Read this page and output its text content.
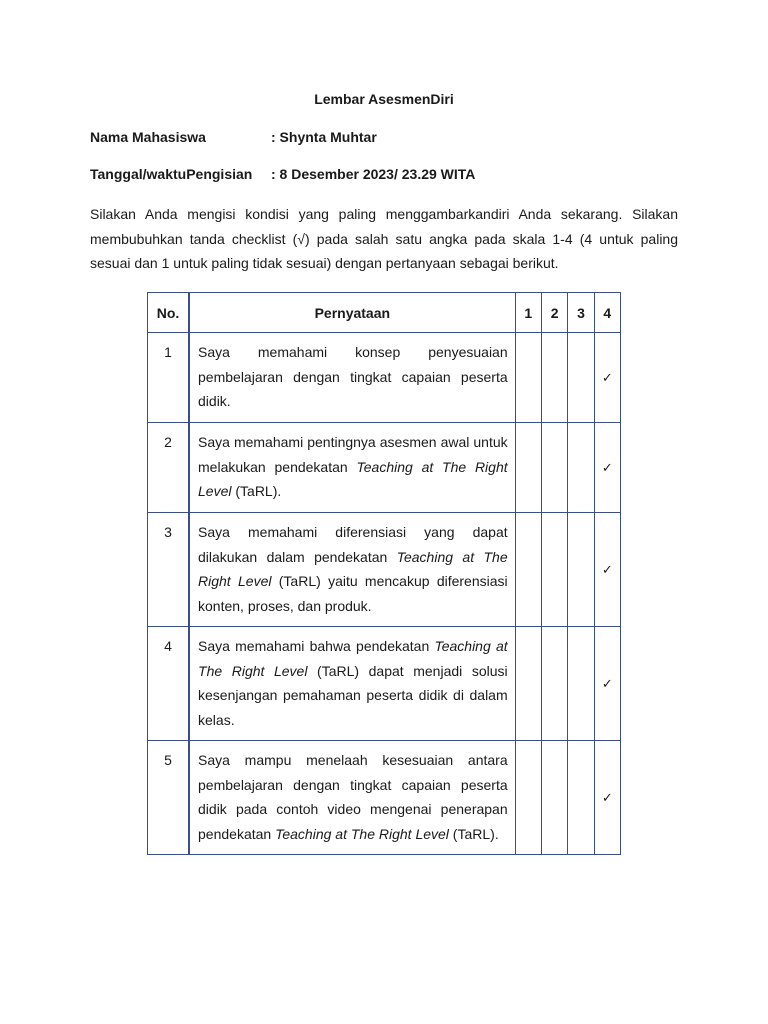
Lembar AsesmenDiri
Nama Mahasiswa	: Shynta Muhtar
Tanggal/waktuPengisian : 8 Desember 2023/ 23.29 WITA

Silakan Anda mengisi kondisi yang paling menggambarkandiri Anda sekarang. Silakan membubuhkan tanda checklist (√) pada salah satu angka pada skala 1-4 (4 untuk paling sesuai dan 1 untuk paling tidak sesuai) dengan pertanyaan sebagai berikut.

No.	Pernyataan	1	2	3	4
1	Saya memahami konsep penyesuaian pembelajaran dengan tingkat capaian peserta didik.				✓
2	Saya memahami pentingnya asesmen awal untuk melakukan pendekatan Teaching at The Right Level (TaRL).				✓
3	Saya memahami diferensiasi yang dapat dilakukan dalam pendekatan Teaching at The Right Level (TaRL) yaitu mencakup diferensiasi konten, proses, dan produk.				✓
4	Saya memahami bahwa pendekatan Teaching at The Right Level (TaRL) dapat menjadi solusi kesenjangan pemahaman peserta didik di dalam kelas.				✓
5	Saya mampu menelaah kesesuaian antara pembelajaran dengan tingkat capaian peserta didik pada contoh video mengenai penerapan pendekatan Teaching at The Right Level (TaRL).				✓
